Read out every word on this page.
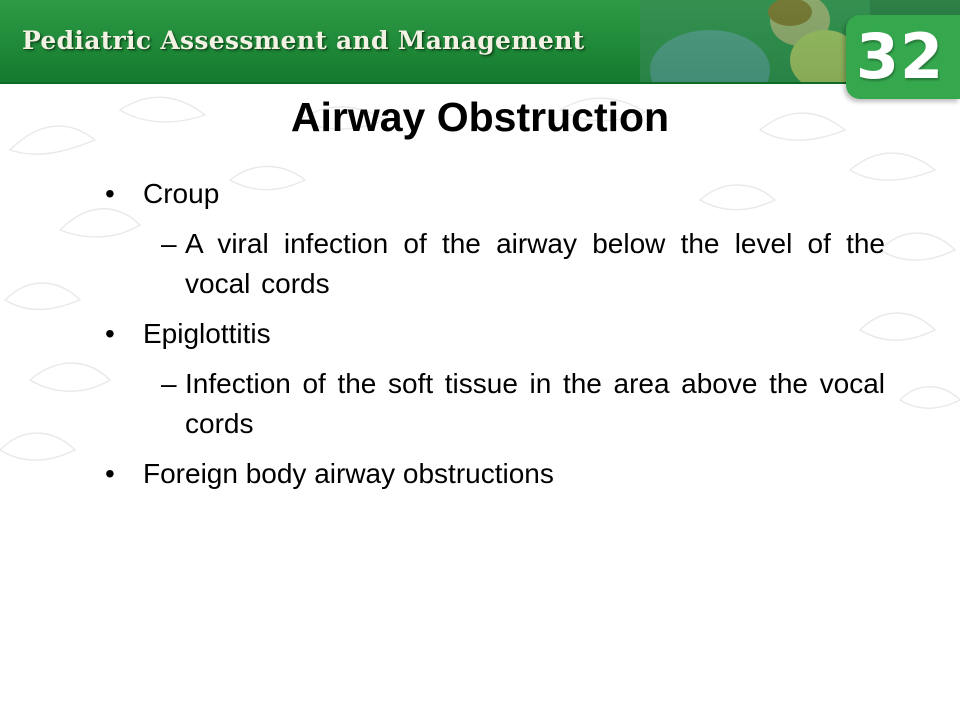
Pediatric Assessment and Management	32
Airway Obstruction
• Croup
– A viral infection of the airway below the level of the vocal cords
• Epiglottitis
– Infection of the soft tissue in the area above the vocal cords
• Foreign body airway obstructions
